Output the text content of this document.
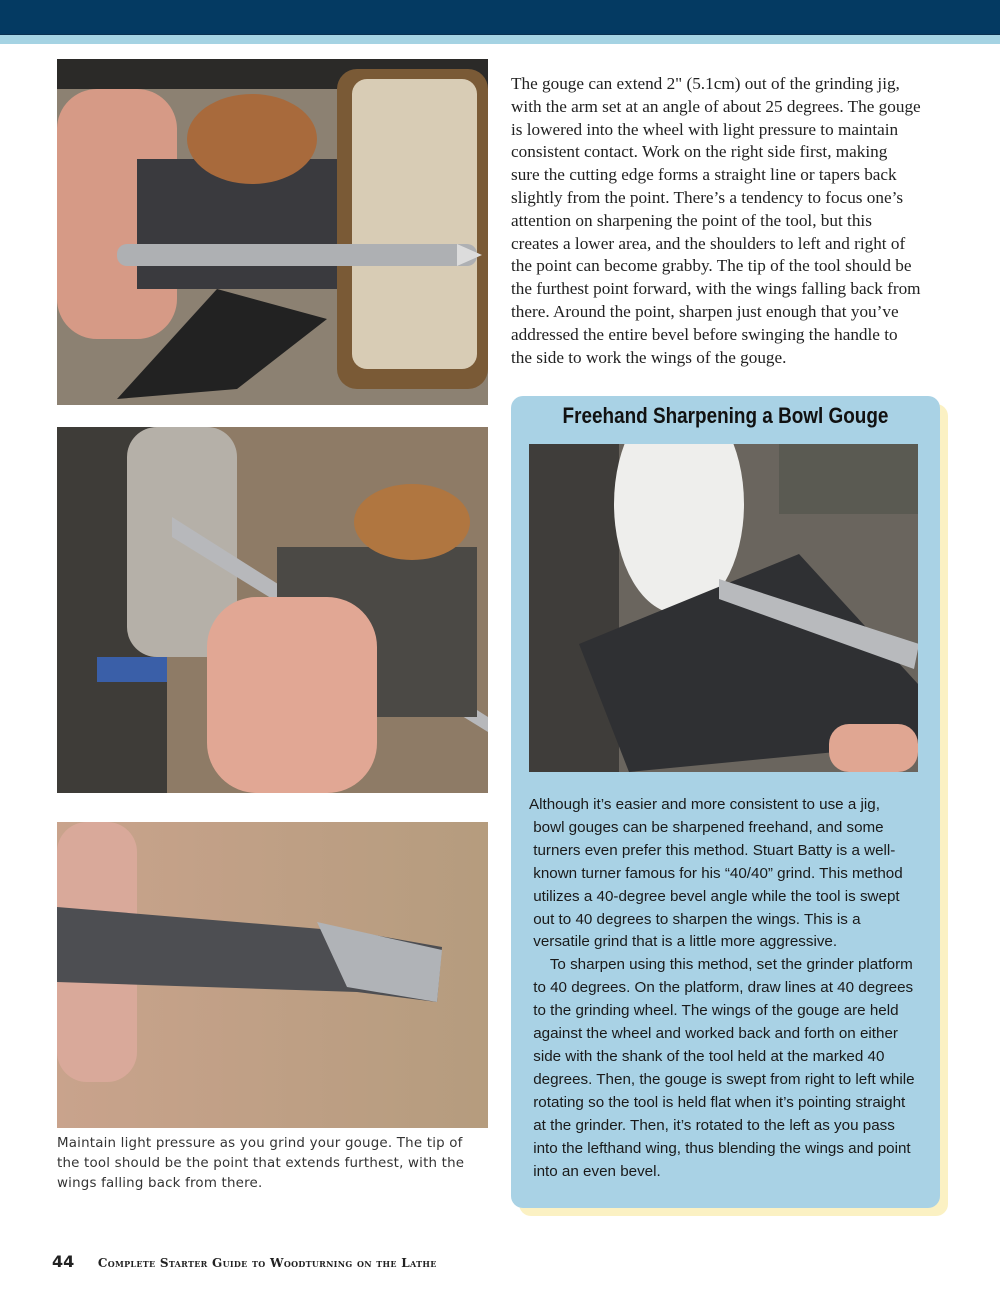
Maintain light pressure as you grind your gouge. The tip of
the tool should be the point that extends furthest, with the
wings falling back from there.
The gouge can extend 2" (5.1cm) out of the grinding jig,
with the arm set at an angle of about 25 degrees. The gouge
is lowered into the wheel with light pressure to maintain
consistent contact. Work on the right side first, making
sure the cutting edge forms a straight line or tapers back
slightly from the point. There’s a tendency to focus one’s
attention on sharpening the point of the tool, but this
creates a lower area, and the shoulders to left and right of
the point can become grabby. The tip of the tool should be
the furthest point forward, with the wings falling back from
there. Around the point, sharpen just enough that you’ve
addressed the entire bevel before swinging the handle to
the side to work the wings of the gouge.
Freehand Sharpening a Bowl Gouge
Although it’s easier and more consistent to use a jig,
bowl gouges can be sharpened freehand, and some
turners even prefer this method. Stuart Batty is a well-
known turner famous for his “40/40” grind. This method
utilizes a 40-degree bevel angle while the tool is swept
out to 40 degrees to sharpen the wings. This is a
versatile grind that is a little more aggressive.
To sharpen using this method, set the grinder platform
to 40 degrees. On the platform, draw lines at 40 degrees
to the grinding wheel. The wings of the gouge are held
against the wheel and worked back and forth on either
side with the shank of the tool held at the marked 40
degrees. Then, the gouge is swept from right to left while
rotating so the tool is held flat when it’s pointing straight
at the grinder. Then, it’s rotated to the left as you pass
into the lefthand wing, thus blending the wings and point
into an even bevel.
44 Complete Starter Guide to Woodturning on the Lathe
